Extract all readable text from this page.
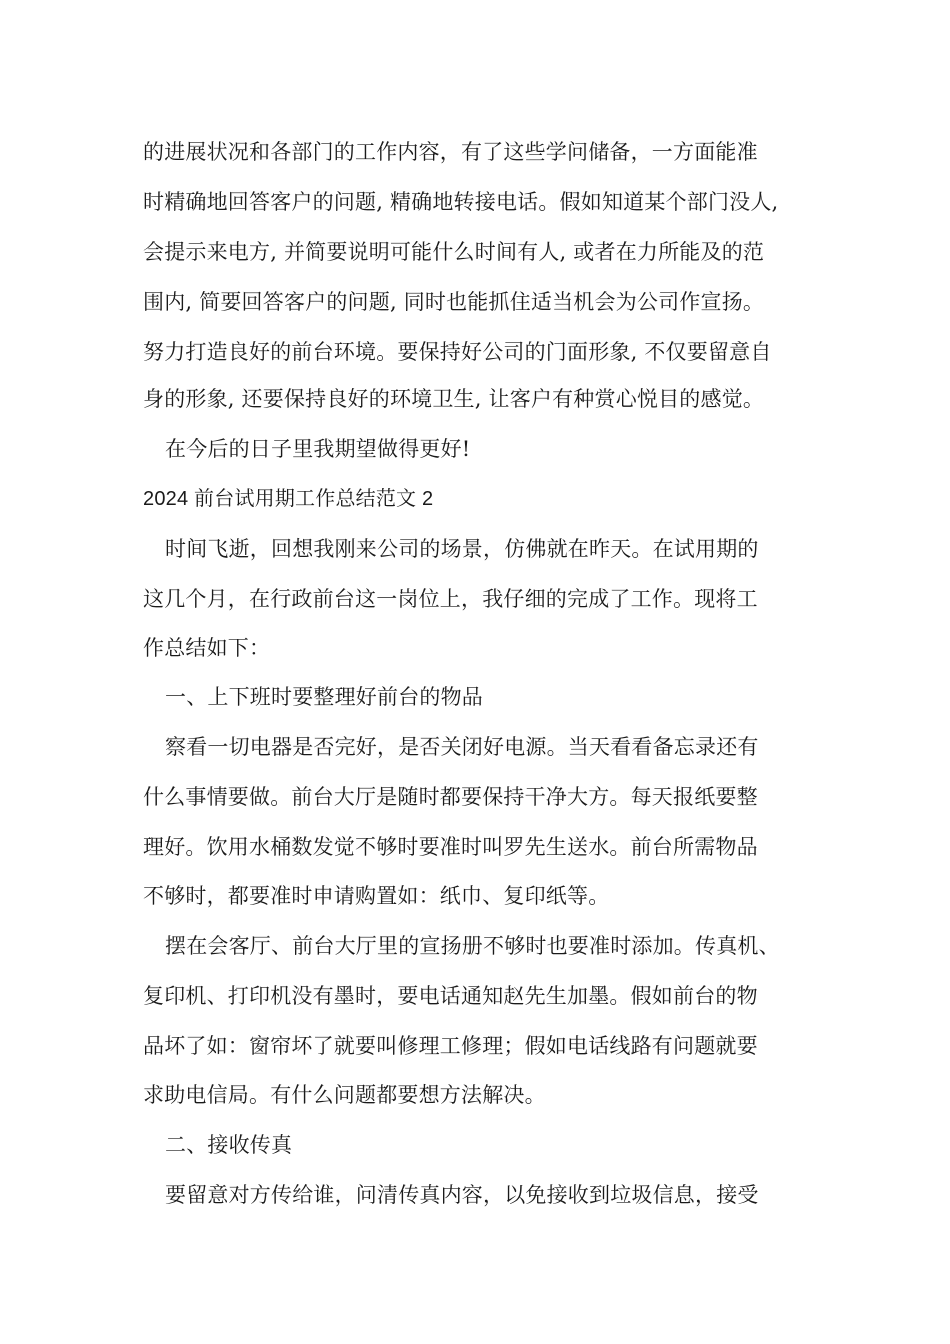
的进展状况和各部门的工作内容，有了这些学问储备，一方面能准
时精确地回答客户的问题, 精确地转接电话。假如知道某个部门没人,
会提示来电方, 并简要说明可能什么时间有人, 或者在力所能及的范
围内, 简要回答客户的问题, 同时也能抓住适当机会为公司作宣扬。
努力打造良好的前台环境。要保持好公司的门面形象, 不仅要留意自
身的形象, 还要保持良好的环境卫生, 让客户有种赏心悦目的感觉。
在今后的日子里我期望做得更好!
2024 前台试用期工作总结范文 2
时间飞逝，回想我刚来公司的场景，仿佛就在昨天。在试用期的
这几个月，在行政前台这一岗位上，我仔细的完成了工作。现将工
作总结如下：
一、上下班时要整理好前台的物品
察看一切电器是否完好，是否关闭好电源。当天看看备忘录还有
什么事情要做。前台大厅是随时都要保持干净大方。每天报纸要整
理好。饮用水桶数发觉不够时要准时叫罗先生送水。前台所需物品
不够时，都要准时申请购置如：纸巾、复印纸等。
摆在会客厅、前台大厅里的宣扬册不够时也要准时添加。传真机、
复印机、打印机没有墨时，要电话通知赵先生加墨。假如前台的物
品坏了如：窗帘坏了就要叫修理工修理；假如电话线路有问题就要
求助电信局。有什么问题都要想方法解决。
二、接收传真
要留意对方传给谁，问清传真内容，以免接收到垃圾信息，接受
